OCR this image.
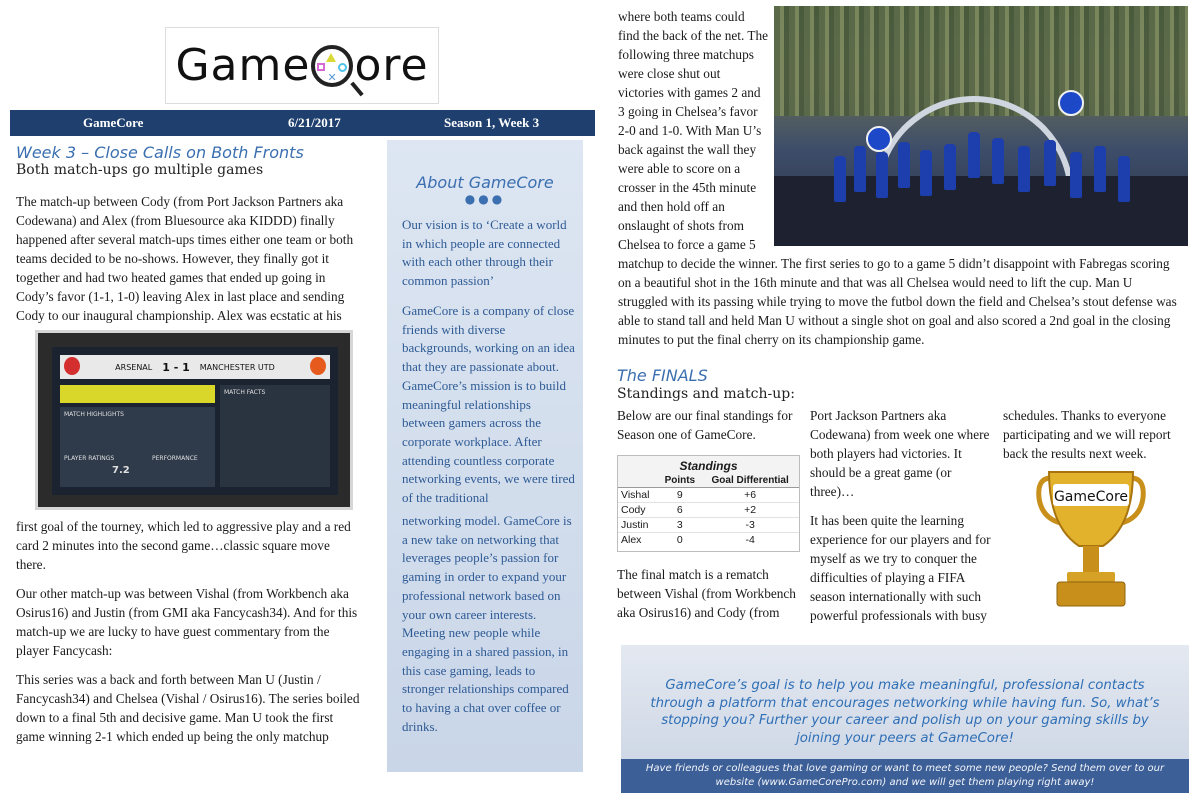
Game ✕ ore
GameCore	6/21/2017	Season 1, Week 3
Week 3 – Close Calls on Both Fronts
Both match-ups go multiple games
The match-up between Cody (from Port Jackson Partners aka
Codewana) and Alex (from Bluesource aka KIDDD) finally
happened after several match-ups times either one team or both
teams decided to be no-shows. However, they finally got it
together and had two heated games that ended up going in
Cody’s favor (1-1, 1-0) leaving Alex in last place and sending
Cody to our inaugural championship. Alex was ecstatic at his
ARSENAL 1 - 1 MANCHESTER UTD
MATCH HIGHLIGHTS
MATCH FACTS
PLAYER RATINGS
7.2
PERFORMANCE
first goal of the tourney, which led to aggressive play and a red
card 2 minutes into the second game…classic square move
there.
Our other match-up was between Vishal (from Workbench aka
Osirus16) and Justin (from GMI aka Fancycash34). And for this
match-up we are lucky to have guest commentary from the
player Fancycash:
This series was a back and forth between Man U (Justin /
Fancycash34) and Chelsea (Vishal / Osirus16). The series boiled
down to a final 5th and decisive game. Man U took the first
game winning 2-1 which ended up being the only matchup
About GameCore
●●●
Our vision is to ‘Create a world in which people are connected with each other through their common passion’
GameCore is a company of close friends with diverse backgrounds, working on an idea that they are passionate about. GameCore’s mission is to build meaningful relationships between gamers across the corporate workplace. After attending countless corporate networking events, we were tired of the traditional
networking model. GameCore is a new take on networking that leverages people’s passion for gaming in order to expand your professional network based on your own career interests. Meeting new people while engaging in a shared passion, in this case gaming, leads to stronger relationships compared to having a chat over coffee or drinks.
where both teams could
find the back of the net. The
following three matchups
were close shut out
victories with games 2 and
3 going in Chelsea’s favor
2-0 and 1-0. With Man U’s
back against the wall they
were able to score on a
crosser in the 45th minute
and then hold off an
onslaught of shots from
Chelsea to force a game 5
matchup to decide the winner. The first series to go to a game 5 didn’t disappoint with Fabregas scoring
on a beautiful shot in the 16th minute and that was all Chelsea would need to lift the cup. Man U
struggled with its passing while trying to move the futbol down the field and Chelsea’s stout defense was
able to stand tall and held Man U without a single shot on goal and also scored a 2nd goal in the closing
minutes to put the final cherry on its championship game.
The FINALS
Standings and match-up:
Below are our final standings for
Season one of GameCore.
Standings
	Points	Goal Differential
Vishal	9	+6
Cody	6	+2
Justin	3	-3
Alex	0	-4
The final match is a rematch
between Vishal (from Workbench
aka Osirus16) and Cody (from
Port Jackson Partners aka
Codewana) from week one where
both players had victories. It
should be a great game (or
three)…
It has been quite the learning
experience for our players and for
myself as we try to conquer the
difficulties of playing a FIFA
season internationally with such
powerful professionals with busy
schedules. Thanks to everyone
participating and we will report
back the results next week.
GameCore
GameCore’s goal is to help you make meaningful, professional contacts through a platform that encourages networking while having fun. So, what’s stopping you? Further your career and polish up on your gaming skills by joining your peers at GameCore!
Have friends or colleagues that love gaming or want to meet some new people? Send them over to our website (www.GameCorePro.com) and we will get them playing right away!
